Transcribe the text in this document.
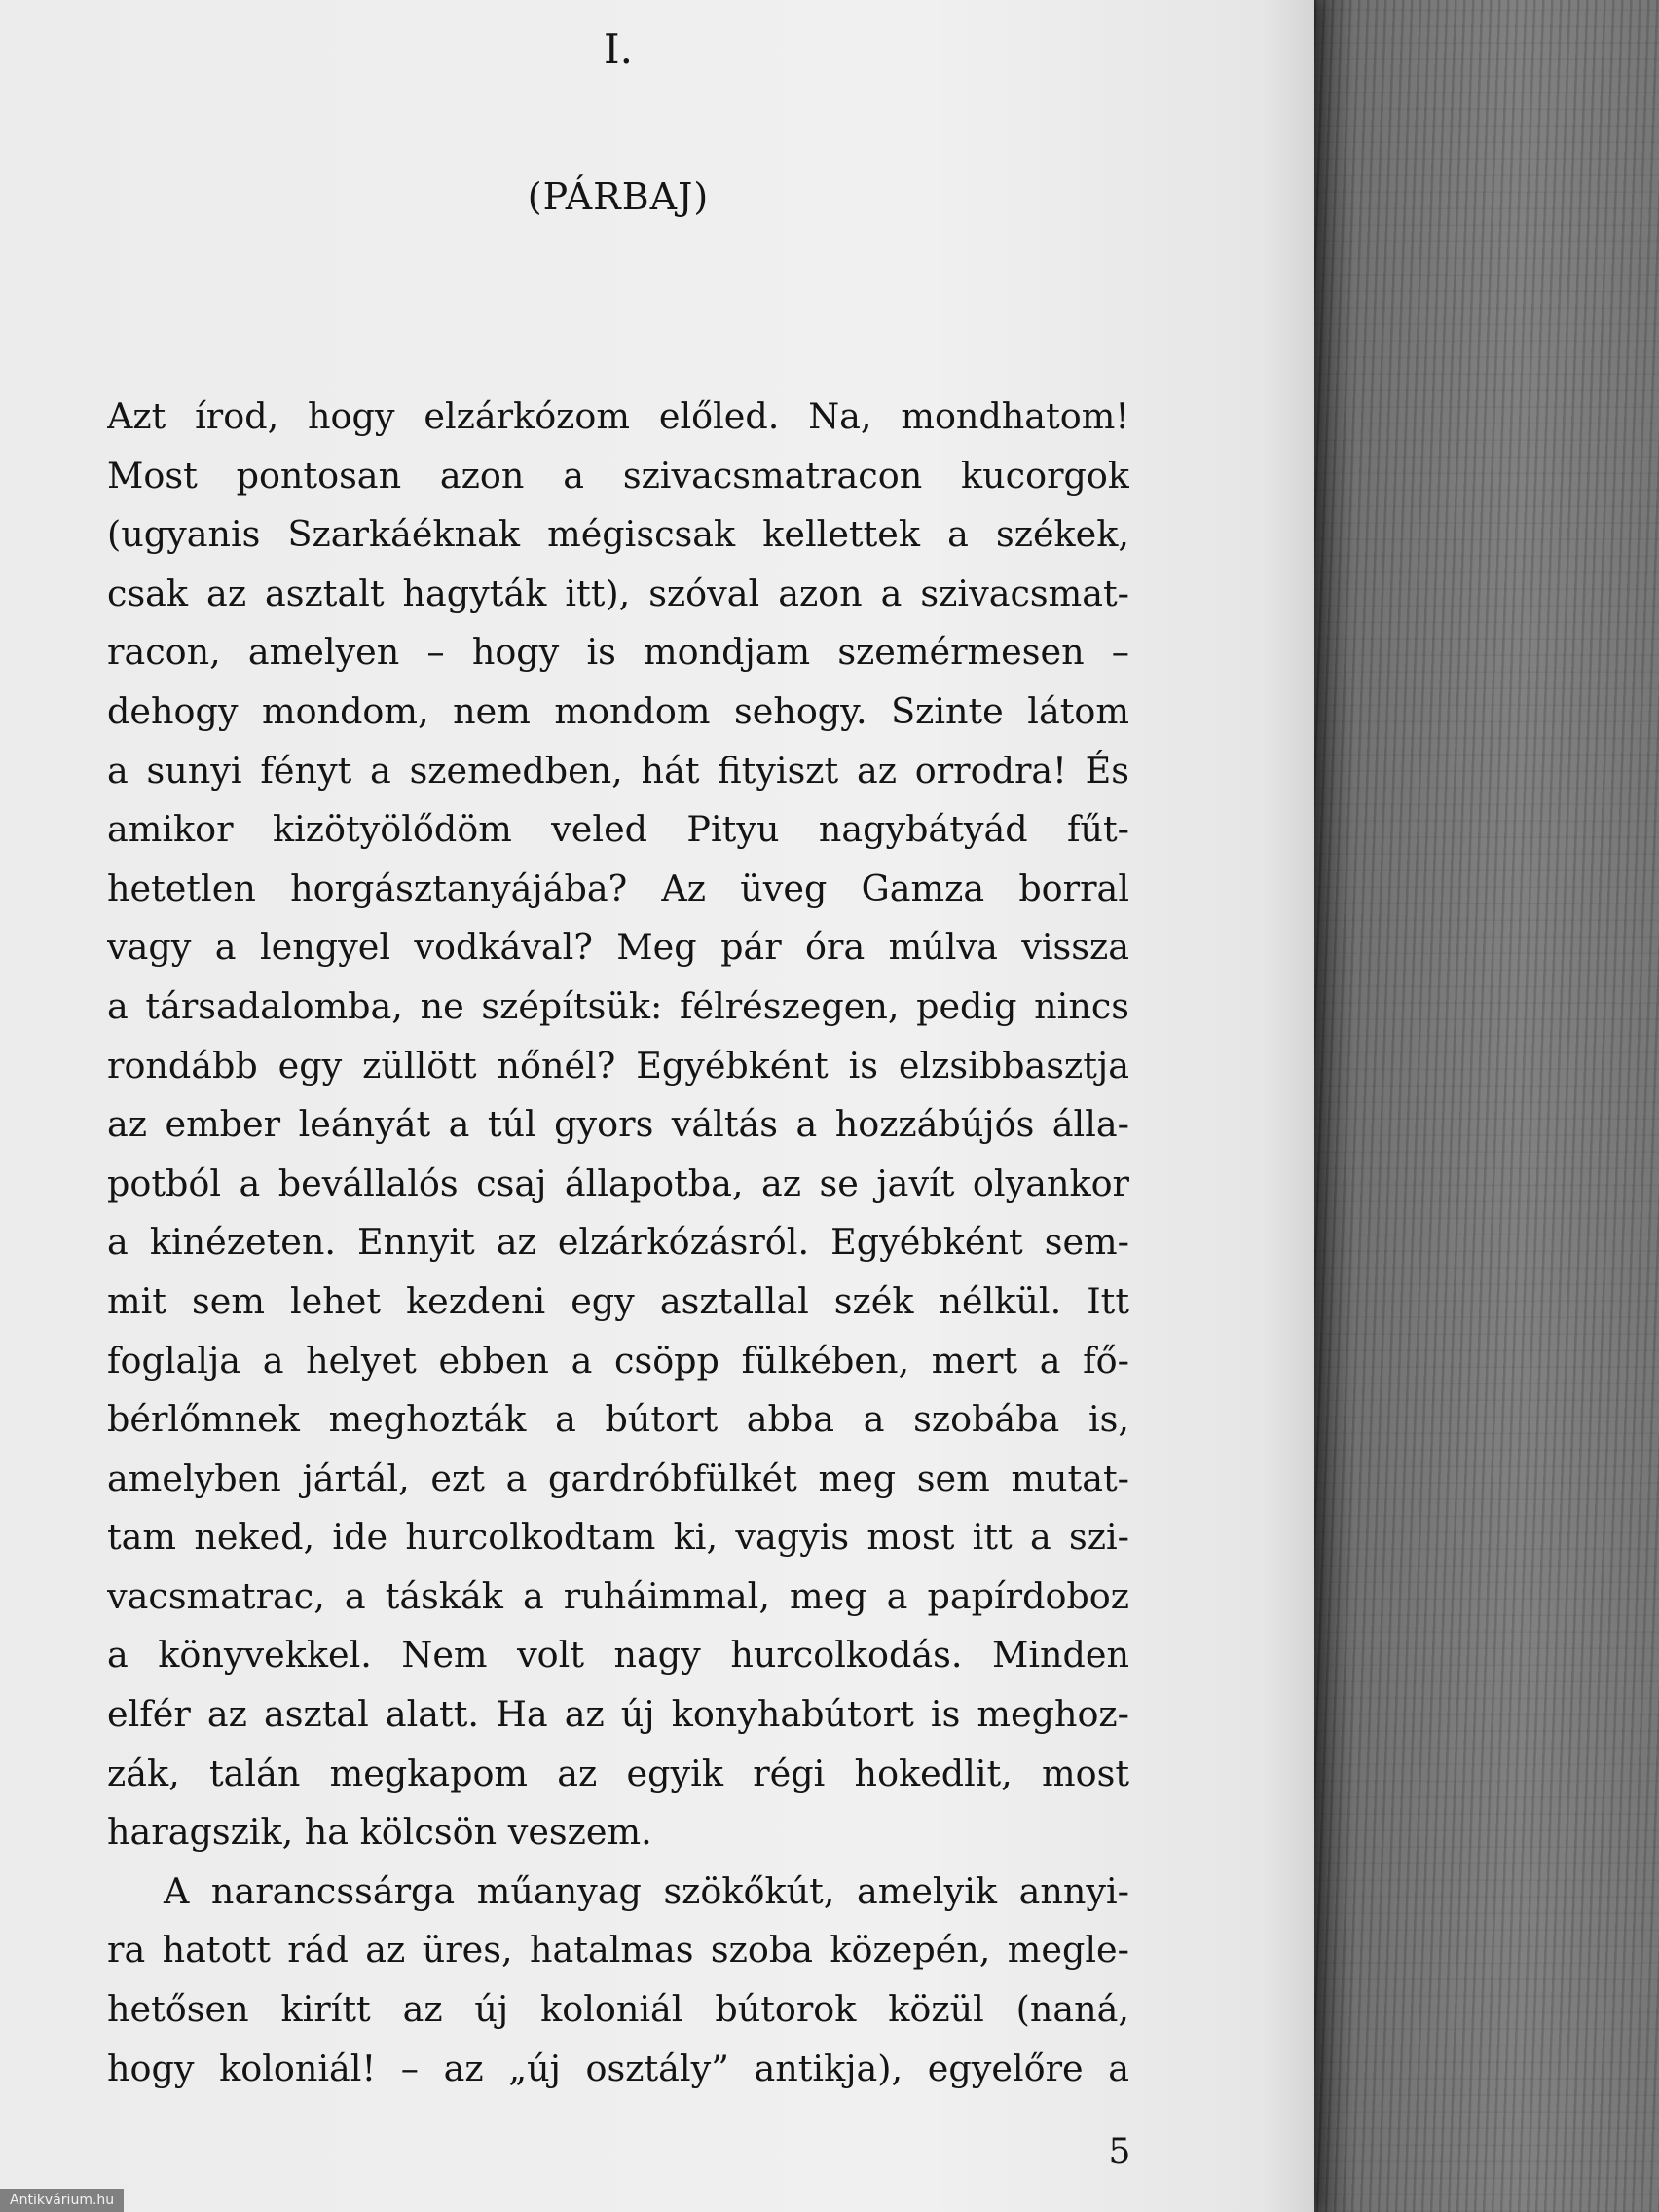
I.
(PÁRBAJ)
Azt írod, hogy elzárkózom előled. Na, mondhatom!
Most pontosan azon a szivacsmatracon kucorgok
(ugyanis Szarkáéknak mégiscsak kellettek a székek,
csak az asztalt hagyták itt), szóval azon a szivacsmat-
racon, amelyen – hogy is mondjam szemérmesen –
dehogy mondom, nem mondom sehogy. Szinte látom
a sunyi fényt a szemedben, hát fityiszt az orrodra! És
amikor kizötyölődöm veled Pityu nagybátyád fűt-
hetetlen horgásztanyájába? Az üveg Gamza borral
vagy a lengyel vodkával? Meg pár óra múlva vissza
a társadalomba, ne szépítsük: félrészegen, pedig nincs
rondább egy züllött nőnél? Egyébként is elzsibbasztja
az ember leányát a túl gyors váltás a hozzábújós álla-
potból a bevállalós csaj állapotba, az se javít olyankor
a kinézeten. Ennyit az elzárkózásról. Egyébként sem-
mit sem lehet kezdeni egy asztallal szék nélkül. Itt
foglalja a helyet ebben a csöpp fülkében, mert a fő-
bérlőmnek meghozták a bútort abba a szobába is,
amelyben jártál, ezt a gardróbfülkét meg sem mutat-
tam neked, ide hurcolkodtam ki, vagyis most itt a szi-
vacsmatrac, a táskák a ruháimmal, meg a papírdoboz
a könyvekkel. Nem volt nagy hurcolkodás. Minden
elfér az asztal alatt. Ha az új konyhabútort is meghoz-
zák, talán megkapom az egyik régi hokedlit, most
haragszik, ha kölcsön veszem.
A narancssárga műanyag szökőkút, amelyik annyi-
ra hatott rád az üres, hatalmas szoba közepén, megle-
hetősen kirítt az új koloniál bútorok közül (naná,
hogy koloniál! – az „új osztály” antikja), egyelőre a
5
Antikvárium.hu
